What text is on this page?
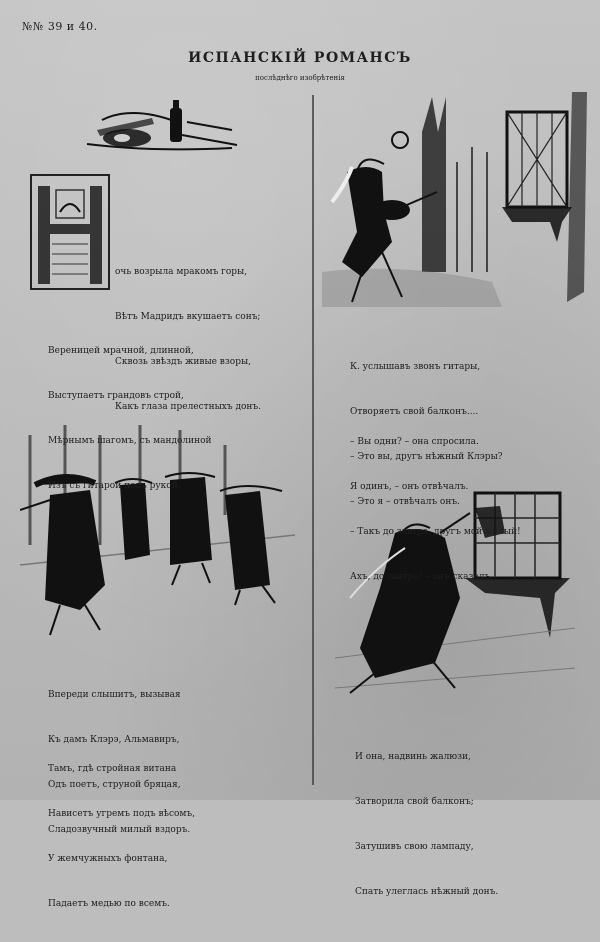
№№ 39 и 40.
ИСПАНСКІЙ РОМАНСЪ
послѣднѣго изобрѣтенія

очь возрыла мракомъ горы,

Вѣтъ Мадридъ вкушаетъ сонъ;

Сквозь звѣздъ живые взоры,

Какъ глаза прелестныхъ донъ.

Вереницей мрачной, длинной,

Выступаетъ грандовъ строй,

Мѣрнымъ шагомъ, съ мандолиной

Изъ съ гитарой подъ рукой.

Впереди слышитъ, вызывая

Къ дамъ Клэрэ, Альмавиръ,

Одъ поетъ, струной бряцая,

Сладозвучный милый вздоръ.

Тамъ, гдѣ стройная витана

Нависетъ угремъ подъ вѣсомъ,

У жемчужныхъ фонтана,

Падаетъ медью по всемъ.

К. услышавъ звонъ гитары,

Отворяетъ свой балконъ....

– Это вы, другъ нѣжный Клэры?

– Это я – отвѣчалъ онъ.

– Вы одни? – она спросила.

Я одинъ, – онъ отвѣчалъ.

– Такъ до завтра, другъ мой милый!

Ахъ, до завтра! – онъ сказалъ.

И она, надвинь жалюзи,

Затворила свой балконъ;

Затушивъ свою лампаду,

Спать улеглась нѣжный донъ.
